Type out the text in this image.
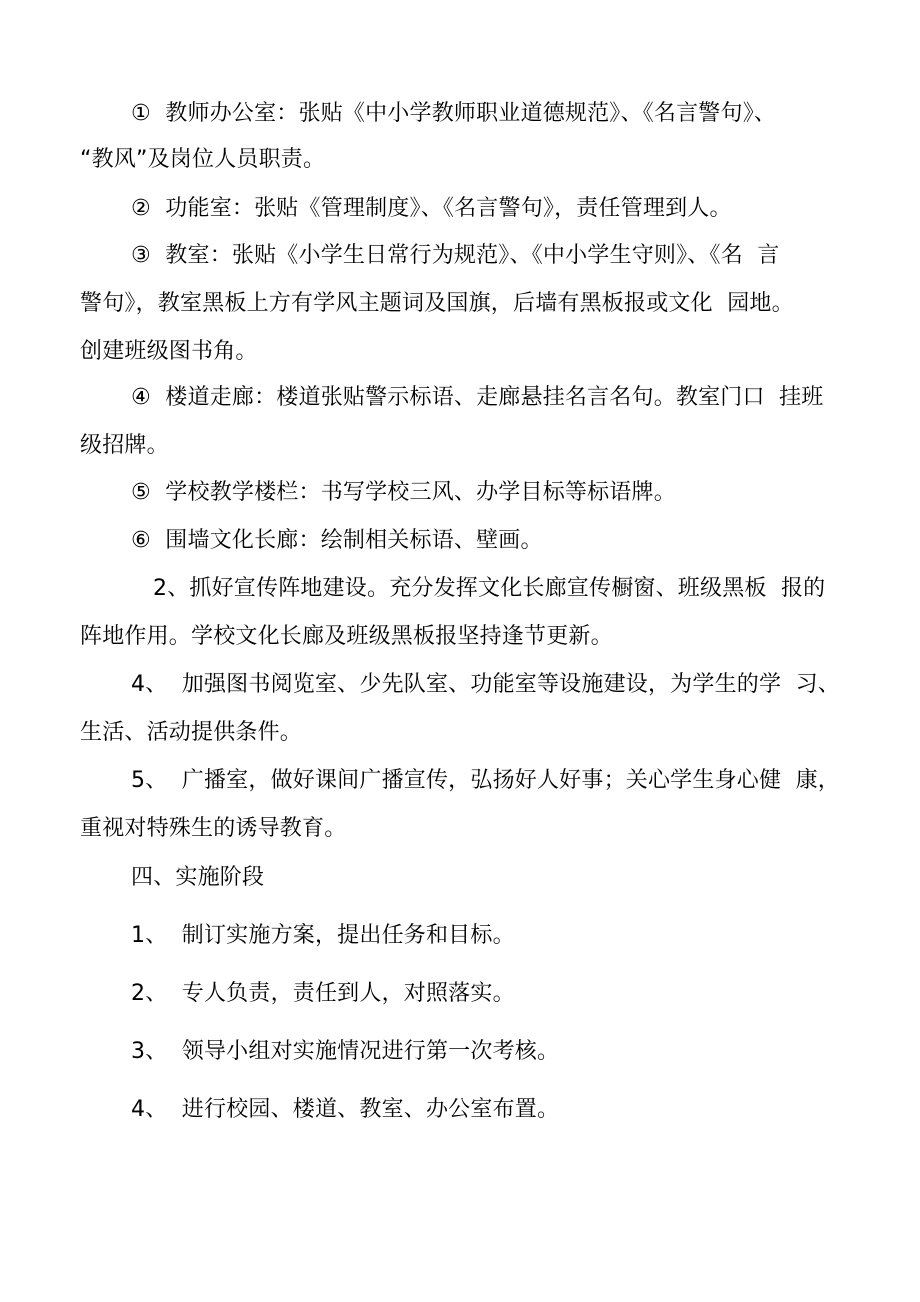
①  教师办公室：张贴《中小学教师职业道德规范》、《名言警句》、
“教风”及岗位人员职责。
②  功能室：张贴《管理制度》、《名言警句》，责任管理到人。
③  教室：张贴《小学生日常行为规范》、《中小学生守则》、《名  言
警句》，教室黑板上方有学风主题词及国旗，后墙有黑板报或文化  园地。
创建班级图书角。
④  楼道走廊：楼道张贴警示标语、走廊悬挂名言名句。教室门口  挂班
级招牌。
⑤  学校教学楼栏：书写学校三风、办学目标等标语牌。
⑥  围墙文化长廊：绘制相关标语、壁画。
2、抓好宣传阵地建设。充分发挥文化长廊宣传橱窗、班级黑板  报的
阵地作用。学校文化长廊及班级黑板报坚持逢节更新。
4、  加强图书阅览室、少先队室、功能室等设施建设，为学生的学  习、
生活、活动提供条件。
5、  广播室，做好课间广播宣传，弘扬好人好事；关心学生身心健  康，
重视对特殊生的诱导教育。
四、实施阶段
1、  制订实施方案，提出任务和目标。
2、  专人负责，责任到人，对照落实。
3、  领导小组对实施情况进行第一次考核。
4、  进行校园、楼道、教室、办公室布置。
